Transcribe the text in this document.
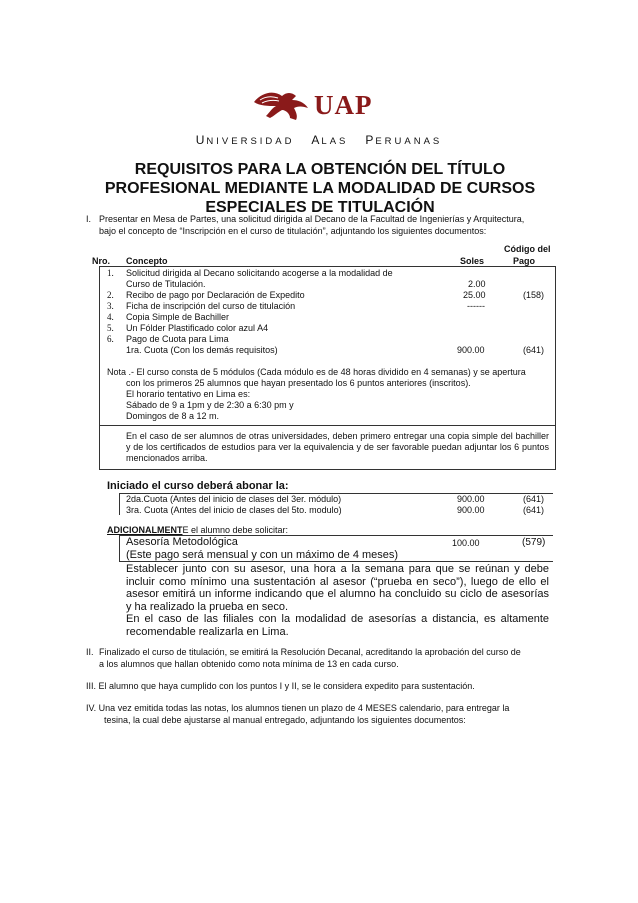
UAP
UNIVERSIDAD ALAS PERUANAS
REQUISITOS PARA LA OBTENCIÓN DEL TÍTULO PROFESIONAL MEDIANTE LA MODALIDAD DE CURSOS ESPECIALES DE TITULACIÓN
I. Presentar en Mesa de Partes, una solicitud dirigida al Decano de la Facultad de Ingenierías y Arquitectura,
bajo el concepto de “Inscripción en el curso de titulación”, adjuntando los siguientes documentos:
Código del
Nro. Concepto	Soles	Pago
1. Solicitud dirigida al Decano solicitando acogerse a la modalidad de
Curso de Titulación.	2.00
2. Recibo de pago por Declaración de Expedito	25.00	(158)
3. Ficha de inscripción del curso de titulación	------
4. Copia Simple de Bachiller
5. Un Fólder Plastificado color azul A4
6. Pago de Cuota para Lima
1ra. Cuota (Con los demás requisitos)	900.00	(641)
Nota .- El curso consta de 5 módulos (Cada módulo es de 48 horas dividido en 4 semanas) y se apertura
con los primeros 25 alumnos que hayan presentado los 6 puntos anteriores (inscritos).
El horario tentativo en Lima es:
Sábado de 9 a 1pm y de 2:30 a 6:30 pm y
Domingos de 8 a 12 m.
En el caso de ser alumnos de otras universidades, deben primero entregar una copia simple del bachiller y de los certificados de estudios para ver la equivalencia y de ser favorable puedan adjuntar los 6 puntos mencionados arriba.
Iniciado el curso deberá abonar la:
2da.Cuota (Antes del inicio de clases del 3er. módulo)	900.00	(641)
3ra. Cuota (Antes del inicio de clases del 5to. modulo)	900.00	(641)
ADICIONALMENTE el alumno debe solicitar:
Asesoría Metodológica
(Este pago será mensual y con un máximo de 4 meses)
100.00	(579)
Establecer junto con su asesor, una hora a la semana para que se reúnan y debe incluir como mínimo una sustentación al asesor (“prueba en seco”), luego de ello el asesor emitirá un informe indicando que el alumno ha concluido su ciclo de asesorías y ha realizado la prueba en seco.
En el caso de las filiales con la modalidad de asesorías a distancia, es altamente recomendable realizarla en Lima.
II. Finalizado el curso de titulación, se emitirá la Resolución Decanal, acreditando la aprobación del curso de
a los alumnos que hallan obtenido como nota mínima de 13 en cada curso.
III. El alumno que haya cumplido con los puntos I y II, se le considera expedito para sustentación.
IV. Una vez emitida todas las notas, los alumnos tienen un plazo de 4 MESES calendario, para entregar la
tesina, la cual debe ajustarse al manual entregado, adjuntando los siguientes documentos:
